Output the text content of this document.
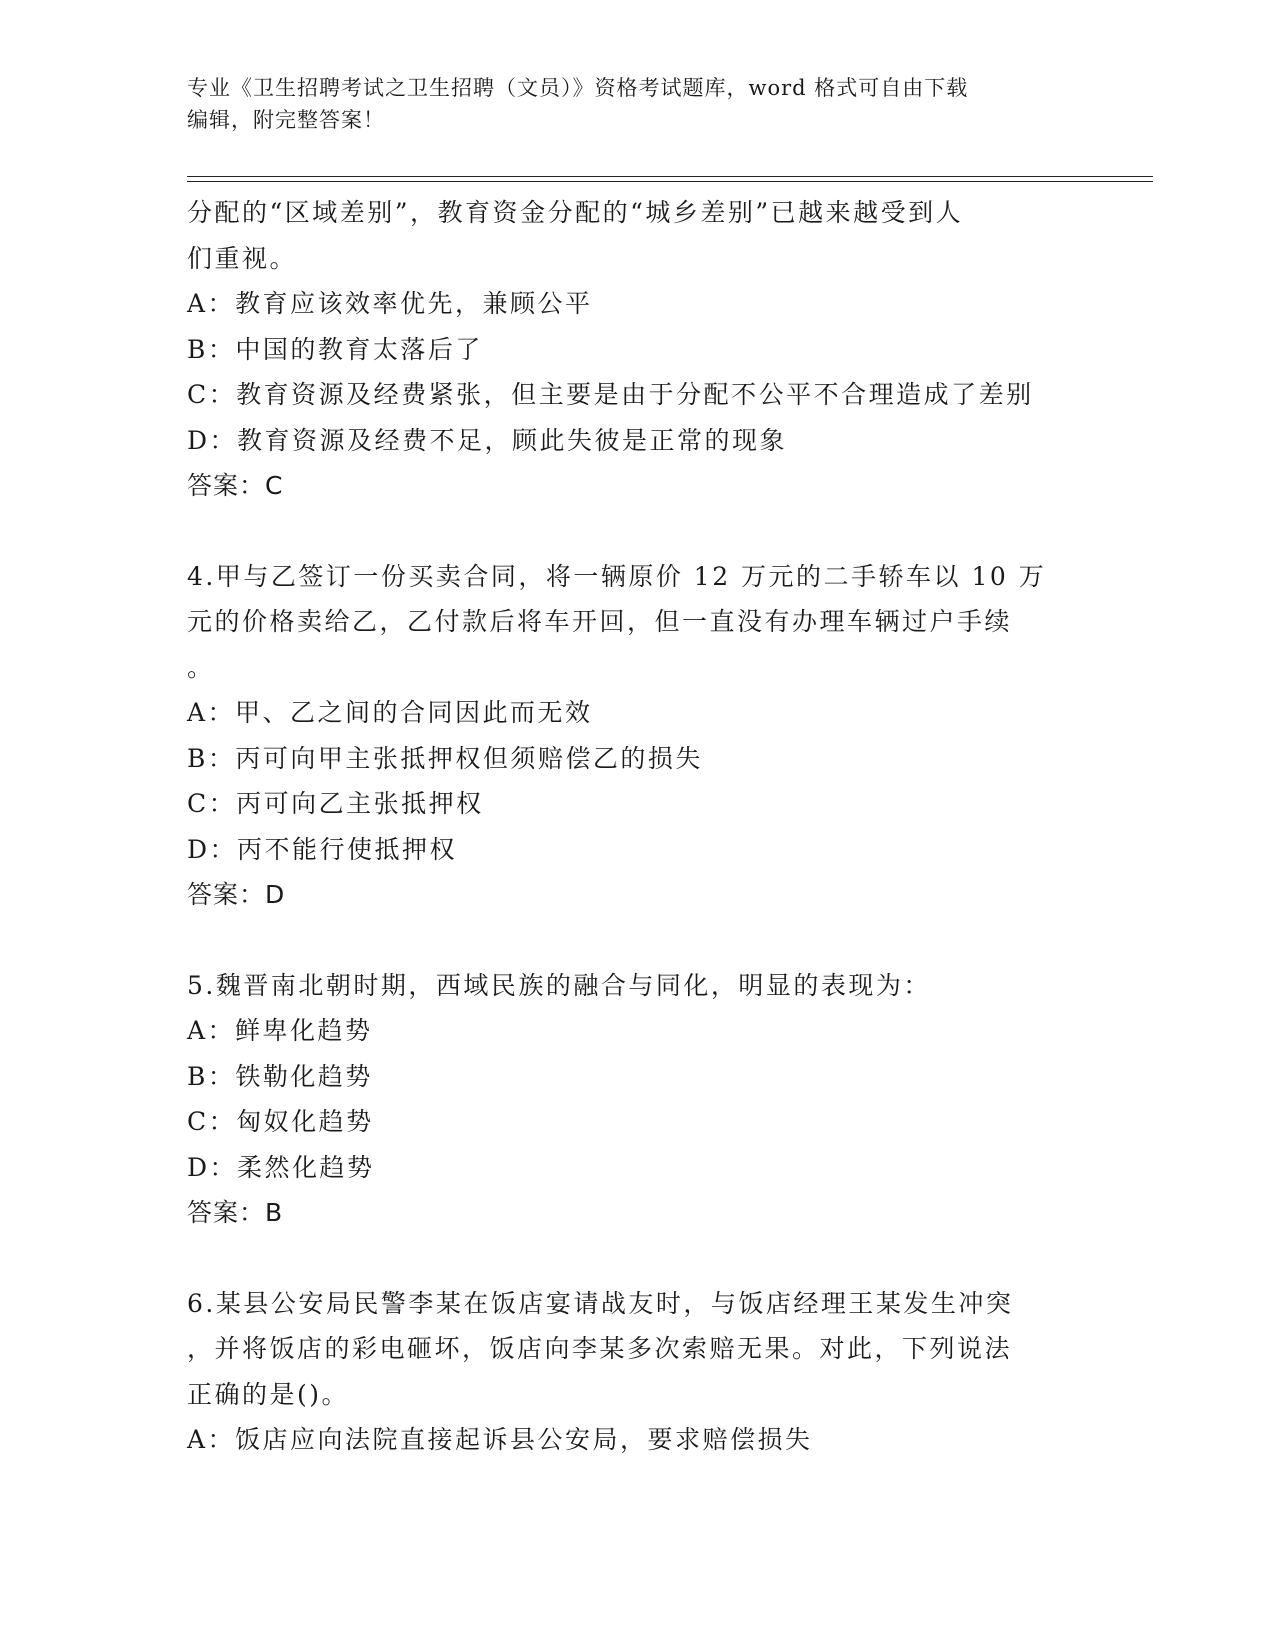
专业《卫生招聘考试之卫生招聘（文员）》资格考试题库，word 格式可自由下载

编辑，附完整答案！

分配的“区域差别”，教育资金分配的“城乡差别”已越来越受到人

们重视。

A：教育应该效率优先，兼顾公平

B：中国的教育太落后了

C：教育资源及经费紧张，但主要是由于分配不公平不合理造成了差别

D：教育资源及经费不足，顾此失彼是正常的现象

答案：C

4.甲与乙签订一份买卖合同，将一辆原价 12 万元的二手轿车以 10 万

元的价格卖给乙，乙付款后将车开回，但一直没有办理车辆过户手续

。

A：甲、乙之间的合同因此而无效

B：丙可向甲主张抵押权但须赔偿乙的损失

C：丙可向乙主张抵押权

D：丙不能行使抵押权

答案：D

5.魏晋南北朝时期，西域民族的融合与同化，明显的表现为：

A：鲜卑化趋势

B：铁勒化趋势

C：匈奴化趋势

D：柔然化趋势

答案：B

6.某县公安局民警李某在饭店宴请战友时，与饭店经理王某发生冲突

，并将饭店的彩电砸坏，饭店向李某多次索赔无果。对此，下列说法

正确的是()。

A：饭店应向法院直接起诉县公安局，要求赔偿损失
